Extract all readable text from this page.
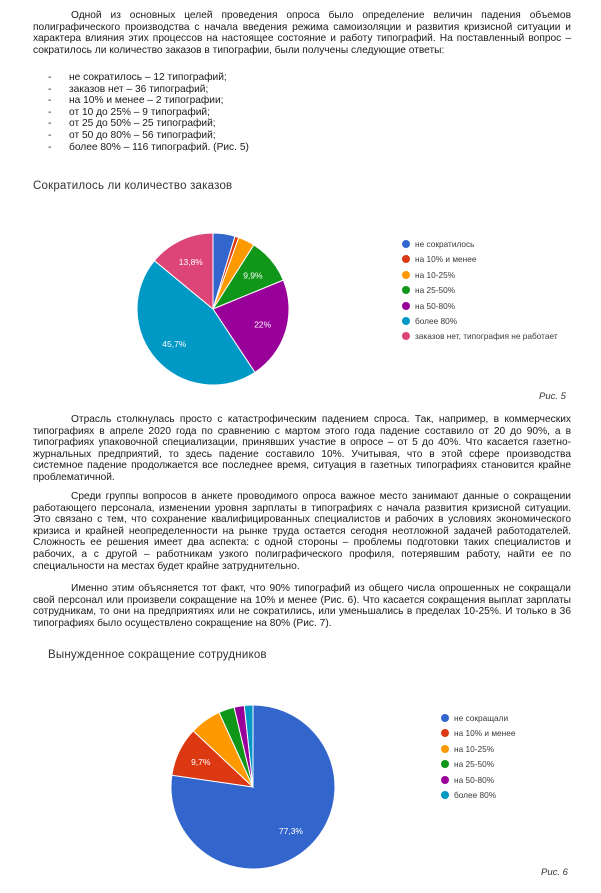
Одной из основных целей проведения опроса было определение величин падения объемов полиграфического производства с начала введения режима самоизоляции и развития кризисной ситуации и характера влияния этих процессов на настоящее состояние и работу типографий. На поставленный вопрос – сократилось ли количество заказов в типографии, были получены следующие ответы:

- не сократилось – 12 типографий;
- заказов нет – 36 типографий;
- на 10% и менее – 2 типографии;
- от 10 до 25% – 9 типографий;
- от 25 до 50% – 25 типографий;
- от 50 до 80% – 56 типографий;
- более 80% – 116 типографий. (Рис. 5)
Сократилось ли количество заказов
9,9%
22%
45,7%
13,8%
не сократилось
на 10% и менее
на 10-25%
на 25-50%
на 50-80%
более 80%
заказов нет, типография не работает
Рис. 5

Отрасль столкнулась просто с катастрофическим падением спроса. Так, например, в коммерческих типографиях в апреле 2020 года по сравнению с мартом этого года падение составило от 20 до 90%, а в типографиях упаковочной специализации, принявших участие в опросе – от 5 до 40%. Что касается газетно-журнальных предприятий, то здесь падение составило 10%. Учитывая, что в этой сфере производства системное падение продолжается все последнее время, ситуация в газетных типографиях становится крайне проблематичной.

Среди группы вопросов в анкете проводимого опроса важное место занимают данные о сокращении работающего персонала, изменении уровня зарплаты в типографиях с начала развития кризисной ситуации. Это связано с тем, что сохранение квалифицированных специалистов и рабочих в условиях экономического кризиса и крайней неопределенности на рынке труда остается сегодня неотложной задачей работодателей. Сложность ее решения имеет два аспекта: с одной стороны – проблемы подготовки таких специалистов и рабочих, а с другой – работникам узкого полиграфического профиля, потерявшим работу, найти ее по специальности на местах будет крайне затруднительно.

Именно этим объясняется тот факт, что 90% типографий из общего числа опрошенных не сокращали свой персонал или произвели сокращение на 10% и менее (Рис. 6). Что касается сокращения выплат зарплаты сотрудникам, то они на предприятиях или не сократились, или уменьшались в пределах 10-25%. И только в 36 типографиях было осуществлено сокращение на 80% (Рис. 7).

Вынужденное сокращение сотрудников
77,3%
9,7%
не сокращали
на 10% и менее
на 10-25%
на 25-50%
на 50-80%
более 80%
Рис. 6
